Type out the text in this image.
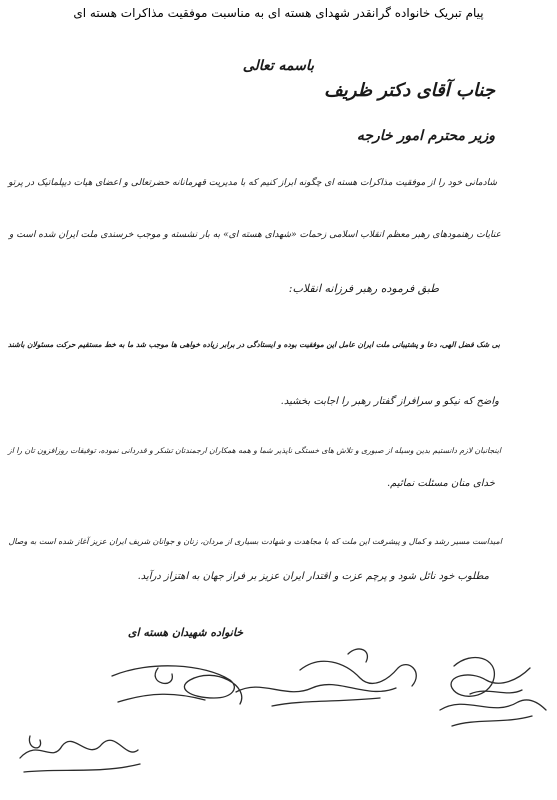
پیام تبریک خانواده گرانقدر شهدای هسته ای به مناسبت موفقیت مذاکرات هسته ای
باسمه تعالی
جناب آقای دکتر ظریف
وزیر محترم امور خارجه
شادمانی خود را از موفقیت مذاکرات هسته ای چگونه ابراز کنیم که با مدیریت قهرمانانه حضرتعالی و اعضای هیات دیپلماتیک در پرتو
عنایات رهنمودهای رهبر معظم انقلاب اسلامی زحمات «شهدای هسته ای» به بار نشسته و موجب خرسندی ملت ایران شده است و
طبق فرموده رهبر فرزانه انقلاب:
بی شک فضل الهی، دعا و پشتیبانی ملت ایران عامل این موفقیت بوده و ایستادگی در برابر زیاده خواهی ها موجب شد ما به خط مستقیم حرکت مسئولان باشند
واضح که نیکو و سرافراز گفتار رهبر را اجابت بخشید.
اینجانبان لازم دانستیم بدین وسیله از صبوری و تلاش های خستگی ناپذیر شما و همه همکاران ارجمندتان تشکر و قدردانی نموده، توفیقات روزافزون تان را از
خدای منان مسئلت نمائیم.
امیداست مسیر رشد و کمال و پیشرفت این ملت که با مجاهدت و شهادت بسیاری از مردان، زنان و جوانان شریف ایران عزیز آغاز شده است به وصال
مطلوب خود نائل شود و پرچم عزت و اقتدار ایران عزیز بر فراز جهان به اهتزاز درآید.
خانواده شهیدان هسته ای
